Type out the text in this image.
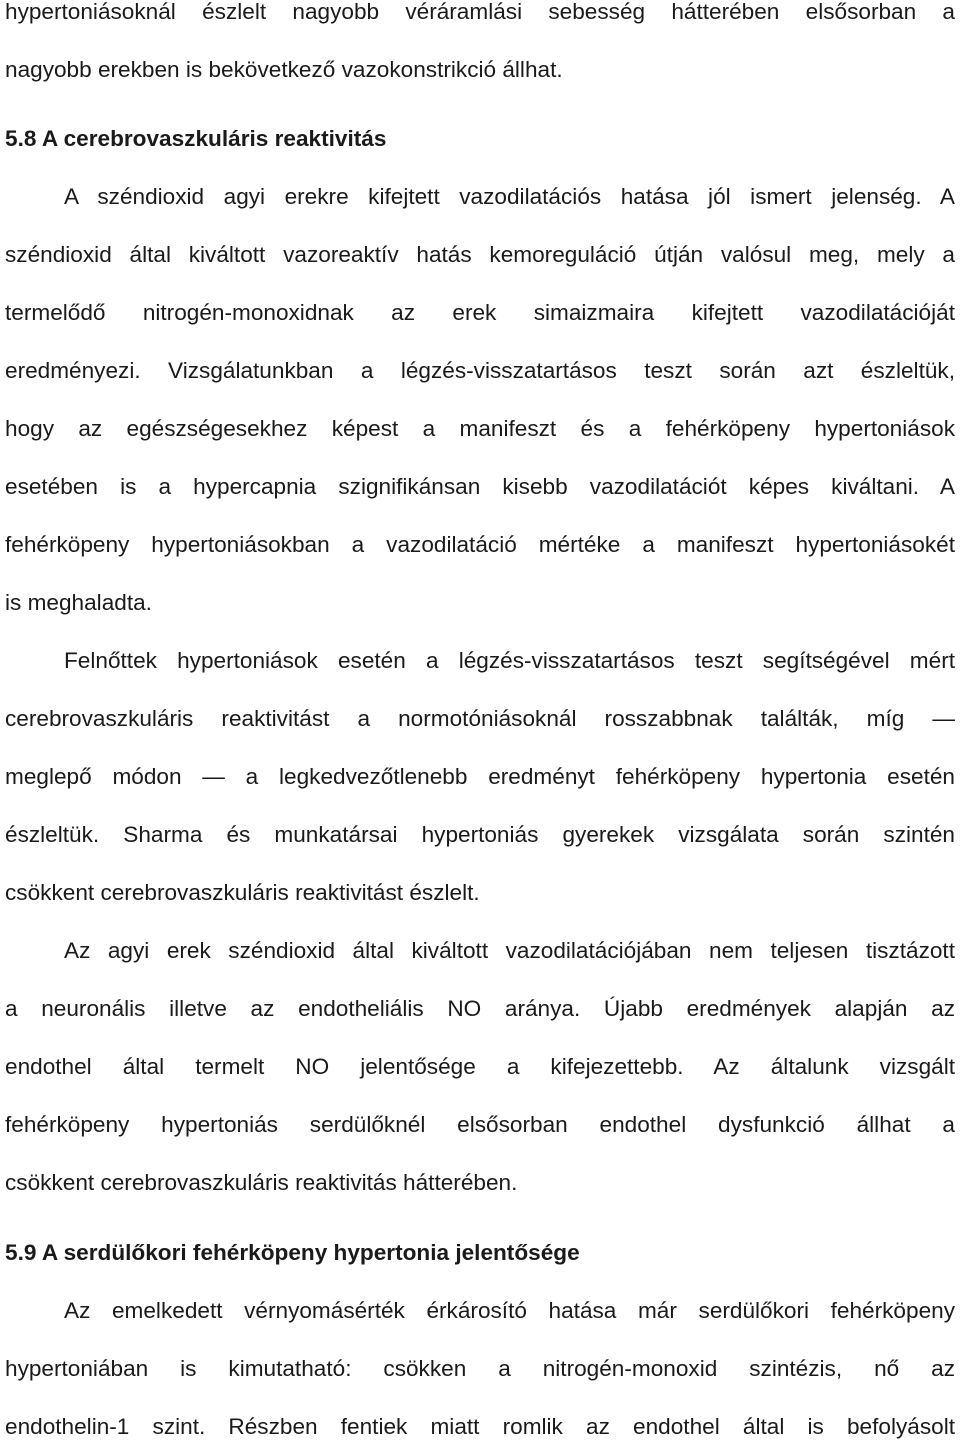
hypertoniásoknál észlelt nagyobb véráramlási sebesség hátterében elsősorban a
nagyobb erekben is bekövetkező vazokonstrikció állhat.
5.8 A cerebrovaszkuláris reaktivitás
A széndioxid agyi erekre kifejtett vazodilatációs hatása jól ismert jelenség. A
széndioxid által kiváltott vazoreaktív hatás kemoreguláció útján valósul meg, mely a
termelődő nitrogén-monoxidnak az erek simaizmaira kifejtett vazodilatációját
eredményezi. Vizsgálatunkban a légzés-visszatartásos teszt során azt észleltük,
hogy az egészségesekhez képest a manifeszt és a fehérköpeny hypertoniások
esetében is a hypercapnia szignifikánsan kisebb vazodilatációt képes kiváltani. A
fehérköpeny hypertoniásokban a vazodilatáció mértéke a manifeszt hypertoniásokét
is meghaladta.
Felnőttek hypertoniások esetén a légzés-visszatartásos teszt segítségével mért
cerebrovaszkuláris reaktivitást a normotóniásoknál rosszabbnak találták, míg —
meglepő módon — a legkedvezőtlenebb eredményt fehérköpeny hypertonia esetén
észleltük. Sharma és munkatársai hypertoniás gyerekek vizsgálata során szintén
csökkent cerebrovaszkuláris reaktivitást észlelt.
Az agyi erek széndioxid által kiváltott vazodilatációjában nem teljesen tisztázott
a neuronális illetve az endotheliális NO aránya. Újabb eredmények alapján az
endothel által termelt NO jelentősége a kifejezettebb. Az általunk vizsgált
fehérköpeny hypertoniás serdülőknél elsősorban endothel dysfunkció állhat a
csökkent cerebrovaszkuláris reaktivitás hátterében.
5.9 A serdülőkori fehérköpeny hypertonia jelentősége
Az emelkedett vérnyomásérték érkárosító hatása már serdülőkori fehérköpeny
hypertoniában is kimutatható: csökken a nitrogén-monoxid szintézis, nő az
endothelin-1 szint. Részben fentiek miatt romlik az endothel által is befolyásolt
